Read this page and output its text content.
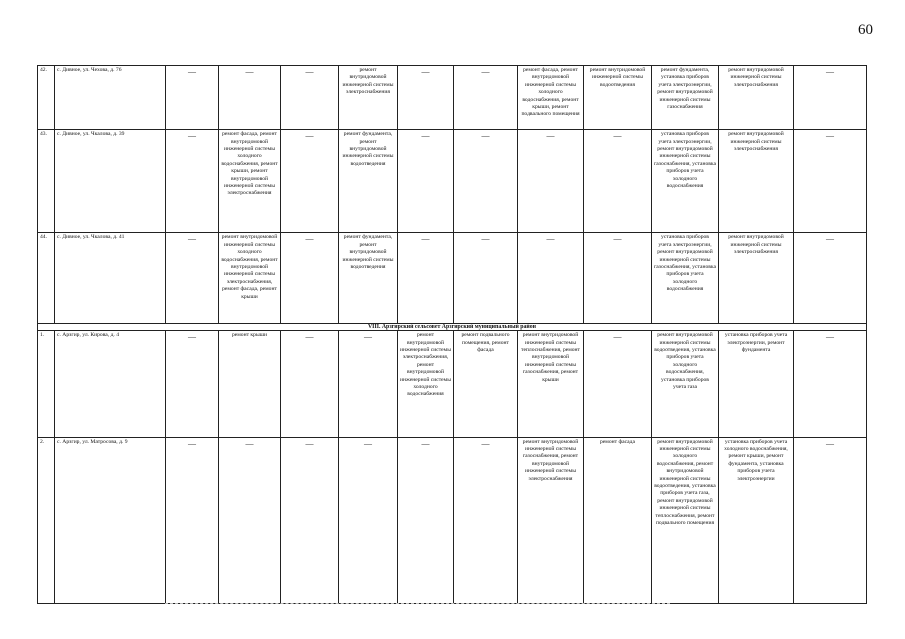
60
42.	с. Дивное, ул. Чехова, д. 76	—	—	—	ремонт внутридомовой инженерной системы электроснабжения	—	—	ремонт фасада, ремонт внутридомовой инженерной системы холодного водоснабжения, ремонт крыши, ремонт подвального помещения	ремонт внутридомовой инженерной системы водоотведения	ремонт фундамента, установка приборов учета электроэнергии, ремонт внутридомовой инженерной системы газоснабжения	ремонт внутридомовой инженерной системы электроснабжения	—

43.	с. Дивное, ул. Чкалова, д. 39	—	ремонт фасада, ремонт внутридомовой инженерной системы холодного водоснабжения, ремонт крыши, ремонт внутридомовой инженерной системы электроснабжения	—	ремонт фундамента, ремонт внутридомовой инженерной системы водоотведения	—	—	—	—	установка приборов учета электроэнергии, ремонт внутридомовой инженерной системы газоснабжения, установка приборов учета холодного водоснабжения	ремонт внутридомовой инженерной системы электроснабжения	—

44.	с. Дивное, ул. Чкалова, д. 41	—	ремонт внутридомовой инженерной системы холодного водоснабжения, ремонт внутридомовой инженерной системы электроснабжения, ремонт фасада, ремонт крыши	—	ремонт фундамента, ремонт внутридомовой инженерной системы водоотведения	—	—	—	—	установка приборов учета электроэнергии, ремонт внутридомовой инженерной системы газоснабжения, установка приборов учета холодного водоснабжения	ремонт внутридомовой инженерной системы электроснабжения	—

VIII. Арзгирский сельсовет Арзгирский муниципальный район												
1.	с. Арзгир, ул. Кирова, д. 4	—	ремонт крыши	—	—	ремонт внутридомовой инженерной системы электроснабжения, ремонт внутридомовой инженерной системы холодного водоснабжения	ремонт подвального помещения, ремонт фасада	ремонт внутридомовой инженерной системы теплоснабжения, ремонт внутридомовой инженерной системы газоснабжения, ремонт крыши	—	ремонт внутридомовой инженерной системы водоотведения, установка приборов учета холодного водоснабжения, установка приборов учета газа	установка приборов учета электроэнергии, ремонт фундамента	—

2.	с. Арзгир, ул. Матросова, д. 9	—	—	—	—	—	—	ремонт внутридомовой инженерной системы газоснабжения, ремонт внутридомовой инженерной системы электроснабжения	ремонт фасада	ремонт внутридомовой инженерной системы холодного водоснабжения, ремонт внутридомовой инженерной системы водоотведения, установка приборов учета газа, ремонт внутридомовой инженерной системы теплоснабжения, ремонт подвального помещения	установка приборов учета холодного водоснабжения, ремонт крыши, ремонт фундамента, установка приборов учета электроэнергии	—
